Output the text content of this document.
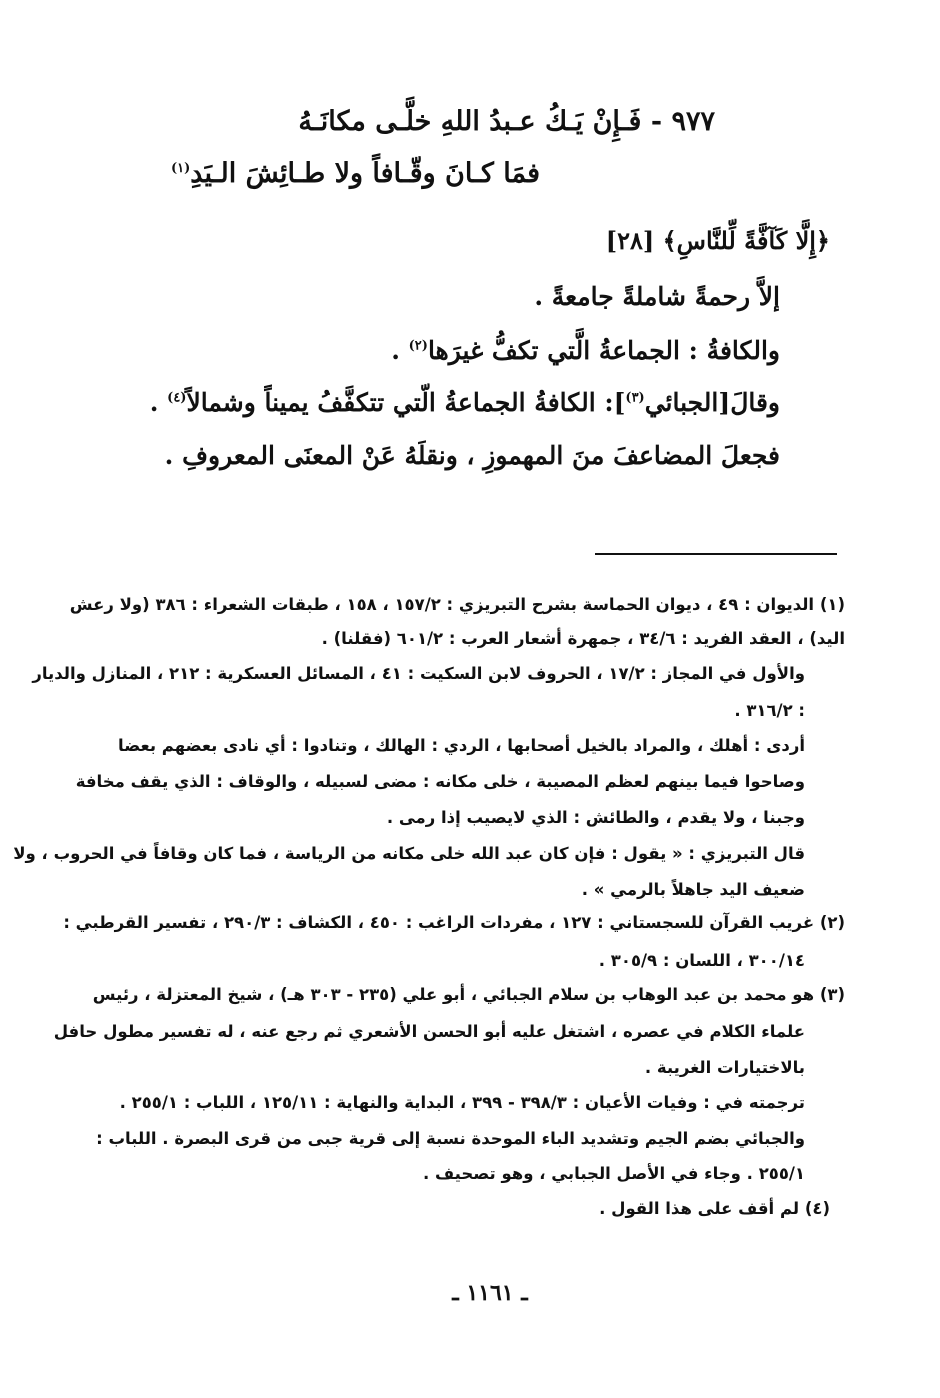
٩٧٧ - فَـإِنْ يَـكُ عـبدُ اللهِ خلَّـى مكانَـهُ
فمَا كـانَ وقّـافاً ولا طـائِشَ الـيَدِ$^{(١)}$
﴿إِلَّا كَآفَّةً لِّلنَّاسِ﴾ [٢٨]
إلاَّ رحمةً شاملةً جامعةً .
والكافةُ : الجماعةُ الَّتي تكفُّ غيرَها$^{(٢)}$ .
وقالَ[الجبائي$^{(٣)}$]: الكافةُ الجماعةُ الّتي تتكفَّفُ يميناً وشمالاً$^{(٤)}$ .
فجعلَ المضاعفَ منَ المهموزِ ، ونقلَهُ عَنْ المعنَى المعروفِ .
(١) الديوان : ٤٩ ، ديوان الحماسة بشرح التبريزي : ١٥٧/٢ ، ١٥٨ ، طبقات الشعراء : ٣٨٦ (ولا رعش
اليد) ، العقد الفريد : ٣٤/٦ ، جمهرة أشعار العرب : ٦٠١/٢ (فقلنا) .
والأول في المجاز : ١٧/٢ ، الحروف لابن السكيت : ٤١ ، المسائل العسكرية : ٢١٢ ، المنازل والديار
: ٣١٦/٢ .
أردى : أهلك ، والمراد بالخيل أصحابها ، الردي : الهالك ، وتنادوا : أي نادى بعضهم بعضا
وصاحوا فيما بينهم لعظم المصيبة ، خلى مكانه : مضى لسبيله ، والوقاف : الذي يقف مخافة
وجبنا ، ولا يقدم ، والطائش : الذي لايصيب إذا رمى .
قال التبريزي : « يقول : فإن كان عبد الله خلى مكانه من الرياسة ، فما كان وقافاً في الحروب ، ولا
ضعيف اليد جاهلاً بالرمي » .
(٢) غريب القرآن للسجستاني : ١٢٧ ، مفردات الراغب : ٤٥٠ ، الكشاف : ٢٩٠/٣ ، تفسير القرطبي :
٣٠٠/١٤ ، اللسان : ٣٠٥/٩ .
(٣) هو محمد بن عبد الوهاب بن سلام الجبائي ، أبو علي (٢٣٥ - ٣٠٣ هـ) ، شيخ المعتزلة ، رئيس
علماء الكلام في عصره ، اشتغل عليه أبو الحسن الأشعري ثم رجع عنه ، له تفسير مطول حافل
بالاختيارات الغريبة .
ترجمته في : وفيات الأعيان : ٣٩٨/٣ - ٣٩٩ ، البداية والنهاية : ١٢٥/١١ ، اللباب : ٢٥٥/١ .
والجبائي بضم الجيم وتشديد الباء الموحدة نسبة إلى قرية جبى من قرى البصرة . اللباب :
٢٥٥/١ . وجاء في الأصل الجبابي ، وهو تصحيف .
(٤) لم أقف على هذا القول .
ـ ١١٦١ ـ
